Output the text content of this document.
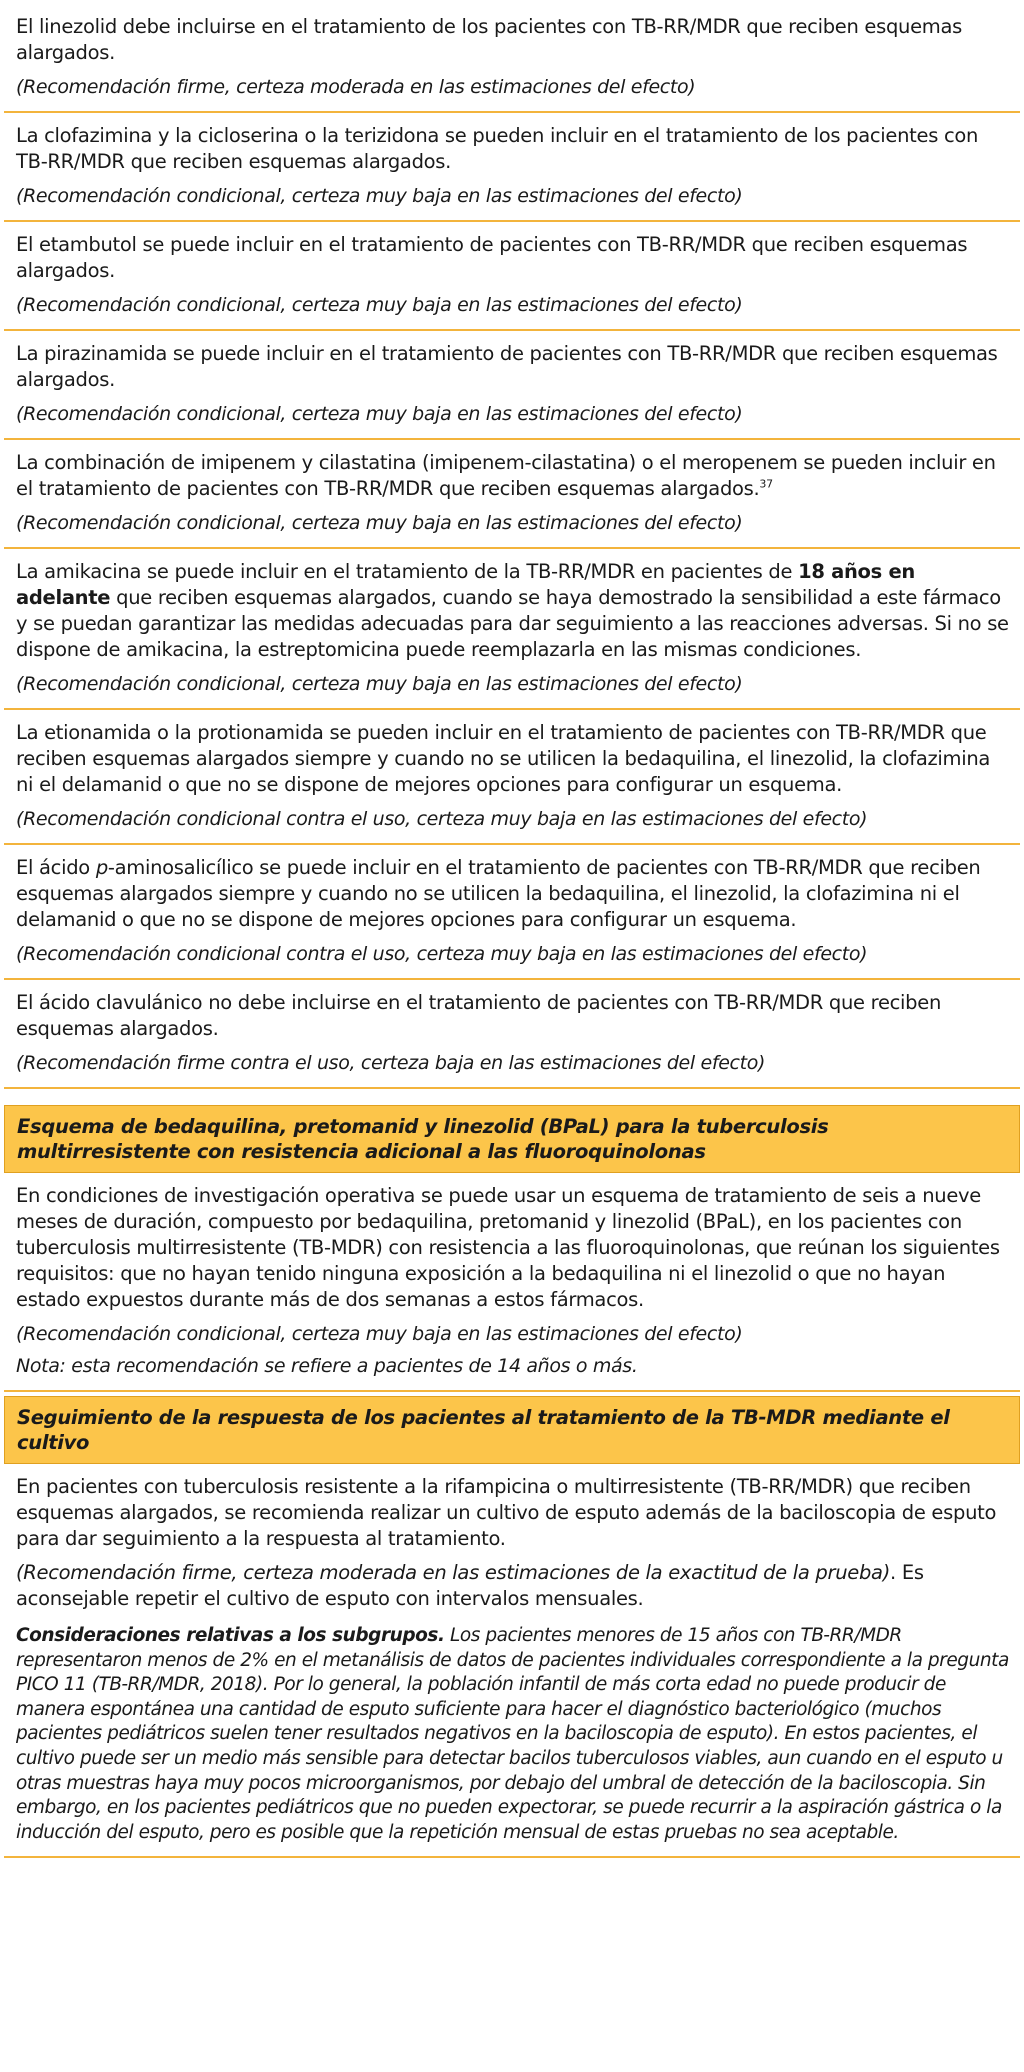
El linezolid debe incluirse en el tratamiento de los pacientes con TB-RR/MDR que reciben esquemas alargados.

(Recomendación firme, certeza moderada en las estimaciones del efecto)

La clofazimina y la cicloserina o la terizidona se pueden incluir en el tratamiento de los pacientes con TB-RR/MDR que reciben esquemas alargados.

(Recomendación condicional, certeza muy baja en las estimaciones del efecto)

El etambutol se puede incluir en el tratamiento de pacientes con TB-RR/MDR que reciben esquemas alargados.

(Recomendación condicional, certeza muy baja en las estimaciones del efecto)

La pirazinamida se puede incluir en el tratamiento de pacientes con TB-RR/MDR que reciben esquemas alargados.

(Recomendación condicional, certeza muy baja en las estimaciones del efecto)

La combinación de imipenem y cilastatina (imipenem-cilastatina) o el meropenem se pueden incluir en el tratamiento de pacientes con TB-RR/MDR que reciben esquemas alargados.$^{37}$

(Recomendación condicional, certeza muy baja en las estimaciones del efecto)

La amikacina se puede incluir en el tratamiento de la TB-RR/MDR en pacientes de 18 años en adelante que reciben esquemas alargados, cuando se haya demostrado la sensibilidad a este fármaco y se puedan garantizar las medidas adecuadas para dar seguimiento a las reacciones adversas. Si no se dispone de amikacina, la estreptomicina puede reemplazarla en las mismas condiciones.

(Recomendación condicional, certeza muy baja en las estimaciones del efecto)

La etionamida o la protionamida se pueden incluir en el tratamiento de pacientes con TB-RR/MDR que reciben esquemas alargados siempre y cuando no se utilicen la bedaquilina, el linezolid, la clofazimina ni el delamanid o que no se dispone de mejores opciones para configurar un esquema.

(Recomendación condicional contra el uso, certeza muy baja en las estimaciones del efecto)

El ácido p-aminosalicílico se puede incluir en el tratamiento de pacientes con TB-RR/MDR que reciben esquemas alargados siempre y cuando no se utilicen la bedaquilina, el linezolid, la clofazimina ni el delamanid o que no se dispone de mejores opciones para configurar un esquema.

(Recomendación condicional contra el uso, certeza muy baja en las estimaciones del efecto)

El ácido clavulánico no debe incluirse en el tratamiento de pacientes con TB-RR/MDR que reciben esquemas alargados.

(Recomendación firme contra el uso, certeza baja en las estimaciones del efecto)

Esquema de bedaquilina, pretomanid y linezolid (BPaL) para la tuberculosis multirresistente con resistencia adicional a las fluoroquinolonas

En condiciones de investigación operativa se puede usar un esquema de tratamiento de seis a nueve meses de duración, compuesto por bedaquilina, pretomanid y linezolid (BPaL), en los pacientes con tuberculosis multirresistente (TB-MDR) con resistencia a las fluoroquinolonas, que reúnan los siguientes requisitos: que no hayan tenido ninguna exposición a la bedaquilina ni el linezolid o que no hayan estado expuestos durante más de dos semanas a estos fármacos.

(Recomendación condicional, certeza muy baja en las estimaciones del efecto)

Nota: esta recomendación se refiere a pacientes de 14 años o más.

Seguimiento de la respuesta de los pacientes al tratamiento de la TB-MDR mediante el cultivo

En pacientes con tuberculosis resistente a la rifampicina o multirresistente (TB-RR/MDR) que reciben esquemas alargados, se recomienda realizar un cultivo de esputo además de la baciloscopia de esputo para dar seguimiento a la respuesta al tratamiento.

(Recomendación firme, certeza moderada en las estimaciones de la exactitud de la prueba). Es aconsejable repetir el cultivo de esputo con intervalos mensuales.

Consideraciones relativas a los subgrupos. Los pacientes menores de 15 años con TB-RR/MDR representaron menos de 2% en el metanálisis de datos de pacientes individuales correspondiente a la pregunta PICO 11 (TB-RR/MDR, 2018). Por lo general, la población infantil de más corta edad no puede producir de manera espontánea una cantidad de esputo suficiente para hacer el diagnóstico bacteriológico (muchos pacientes pediátricos suelen tener resultados negativos en la baciloscopia de esputo). En estos pacientes, el cultivo puede ser un medio más sensible para detectar bacilos tuberculosos viables, aun cuando en el esputo u otras muestras haya muy pocos microorganismos, por debajo del umbral de detección de la baciloscopia. Sin embargo, en los pacientes pediátricos que no pueden expectorar, se puede recurrir a la aspiración gástrica o la inducción del esputo, pero es posible que la repetición mensual de estas pruebas no sea aceptable.
